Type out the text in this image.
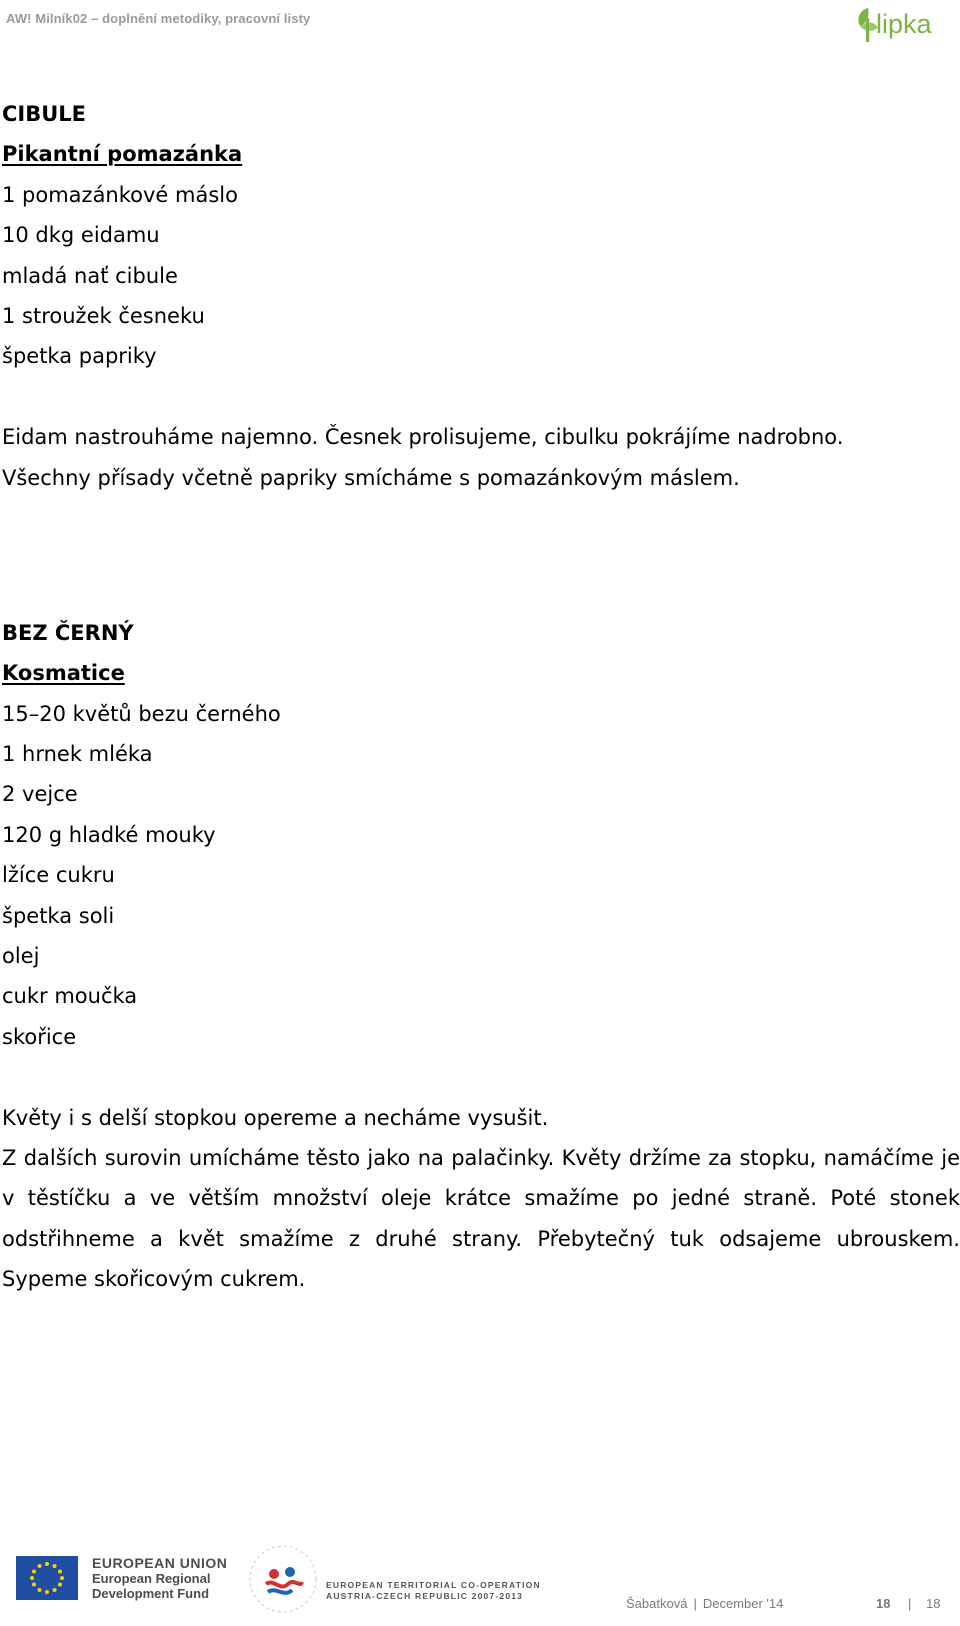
AW! Milník02 – doplnění metodiky, pracovní listy	lipka
CIBULE
Pikantní pomazánka
1 pomazánkové máslo
10 dkg eidamu
mladá nať cibule
1 stroužek česneku
špetka papriky
Eidam nastrouháme najemno. Česnek prolisujeme, cibulku pokrájíme nadrobno.
Všechny přísady včetně papriky smícháme s pomazánkovým máslem.
BEZ ČERNÝ
Kosmatice
15–20 květů bezu černého
1 hrnek mléka
2 vejce
120 g hladké mouky
lžíce cukru
špetka soli
olej
cukr moučka
skořice
Květy i s delší stopkou opereme a necháme vysušit.
Z dalších surovin umícháme těsto jako na palačinky. Květy držíme za stopku, namáčíme je v těstíčku a ve větším množství oleje krátce smažíme po jedné straně. Poté stonek odstřihneme a květ smažíme z druhé strany. Přebytečný tuk odsajeme ubrouskem. Sypeme skořicovým cukrem.
EUROPEAN UNION
European Regional
Development Fund
EUROPEAN TERRITORIAL CO-OPERATION
AUSTRIA-CZECH REPUBLIC 2007-2013	Šabatková | December '14	18 | 18
